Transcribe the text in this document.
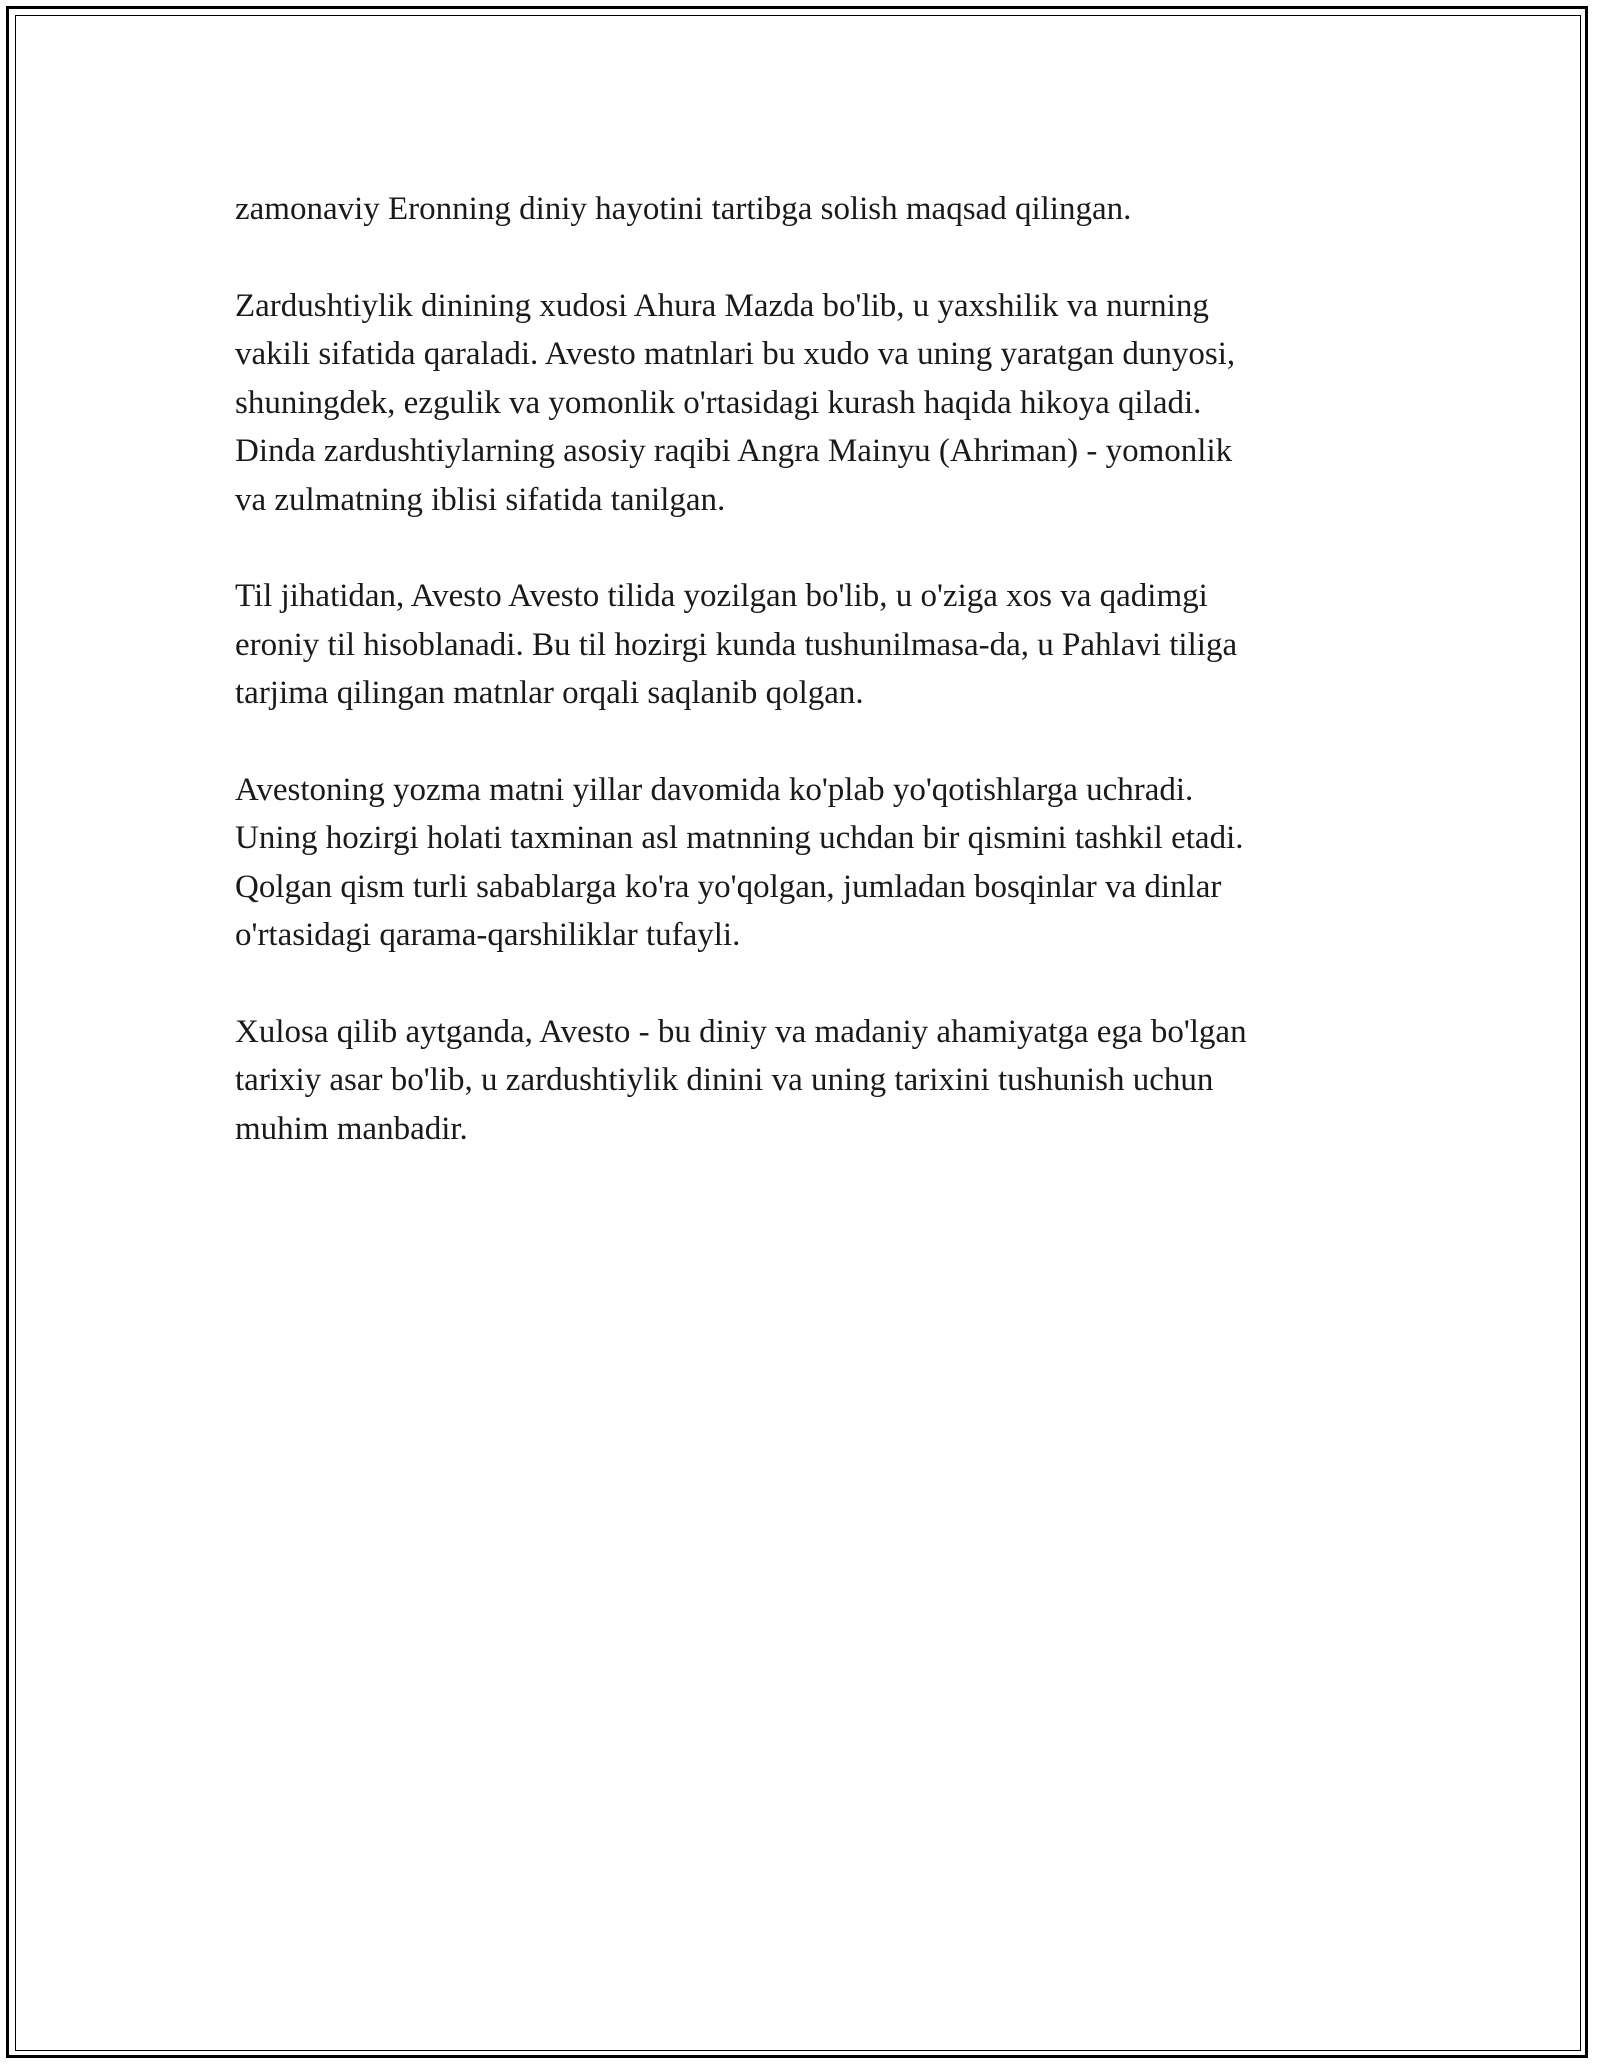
zamonaviy Eronning diniy hayotini tartibga solish maqsad qilingan.

Zardushtiylik dinining xudosi Ahura Mazda bo'lib, u yaxshilik va nurning
vakili sifatida qaraladi. Avesto matnlari bu xudo va uning yaratgan dunyosi,
shuningdek, ezgulik va yomonlik o'rtasidagi kurash haqida hikoya qiladi.
Dinda zardushtiylarning asosiy raqibi Angra Mainyu (Ahriman) - yomonlik
va zulmatning iblisi sifatida tanilgan.

Til jihatidan, Avesto Avesto tilida yozilgan bo'lib, u o'ziga xos va qadimgi
eroniy til hisoblanadi. Bu til hozirgi kunda tushunilmasa-da, u Pahlavi tiliga
tarjima qilingan matnlar orqali saqlanib qolgan.

Avestoning yozma matni yillar davomida ko'plab yo'qotishlarga uchradi.
Uning hozirgi holati taxminan asl matnning uchdan bir qismini tashkil etadi.
Qolgan qism turli sabablarga ko'ra yo'qolgan, jumladan bosqinlar va dinlar
o'rtasidagi qarama-qarshiliklar tufayli.

Xulosa qilib aytganda, Avesto - bu diniy va madaniy ahamiyatga ega bo'lgan
tarixiy asar bo'lib, u zardushtiylik dinini va uning tarixini tushunish uchun
muhim manbadir.
